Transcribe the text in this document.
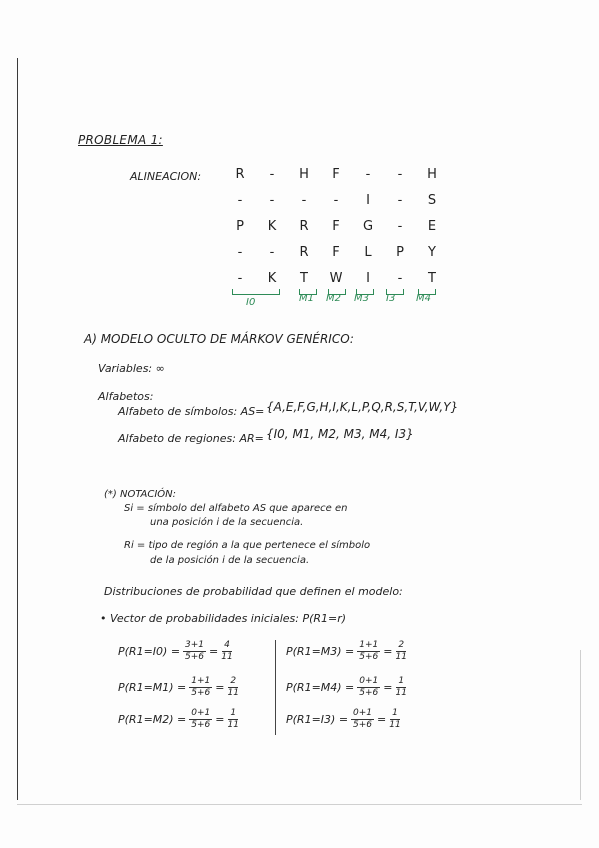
PROBLEMA 1:
ALINEACION:	R	-	H	F	-	-	H
-	-	-	-	I	-	S
P	K	R	F	G	-	E
-	-	R	F	L	P	Y
-	K	T	W	I	-	T
I0	M1 M2 M3 I3 M4
A) MODELO OCULTO DE MÁRKOV GENÉRICO:
Variables: ∞
Alfabetos:
Alfabeto de símbolos: AS= {A,E,F,G,H,I,K,L,P,Q,R,S,T,V,W,Y}
Alfabeto de regiones: AR= {I0, M1, M2, M3, M4, I3}
(*) NOTACIÓN:
Si = símbolo del alfabeto AS que aparece en
una posición i de la secuencia.
Ri = tipo de región a la que pertenece el símbolo
de la posición i de la secuencia.
Distribuciones de probabilidad que definen el modelo:
• Vector de probabilidades iniciales: P(R1=r)
$P(R1=I0) = \frac{3+1}{5+6} = \frac{4}{11}$
$P(R1=M1) = \frac{1+1}{5+6} = \frac{2}{11}$
$P(R1=M2) = \frac{0+1}{5+6} = \frac{1}{11}$
$P(R1=M3) = \frac{1+1}{5+6} = \frac{2}{11}$
$P(R1=M4) = \frac{0+1}{5+6} = \frac{1}{11}$
$P(R1=I3) = \frac{0+1}{5+6} = \frac{1}{11}$
